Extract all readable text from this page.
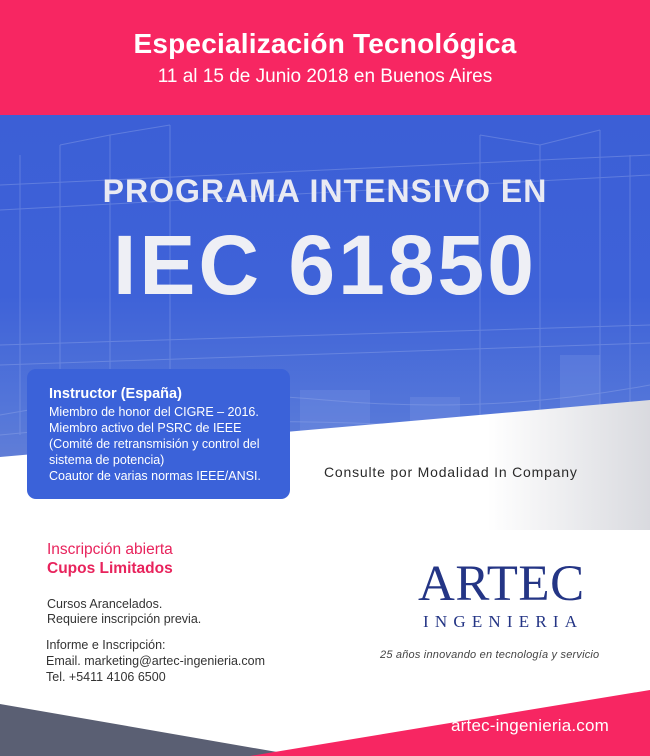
Especialización Tecnológica
11 al 15 de Junio 2018 en Buenos Aires
PROGRAMA INTENSIVO EN
IEC 61850
Instructor (España)
Miembro de honor del CIGRE – 2016.
Miembro activo del PSRC de IEEE
(Comité de retransmisión y control del
sistema de potencia)
Coautor de varias normas IEEE/ANSI.	Consulte por Modalidad In Company
Inscripción abierta
Cupos Limitados
Cursos Arancelados.
Requiere inscripción previa.
Informe e Inscripción:
Email. marketing@artec-ingenieria.com
Tel. +5411 4106 6500
ARTEC
INGENIERIA
25 años innovando en tecnología y servicio
artec-ingenieria.com
